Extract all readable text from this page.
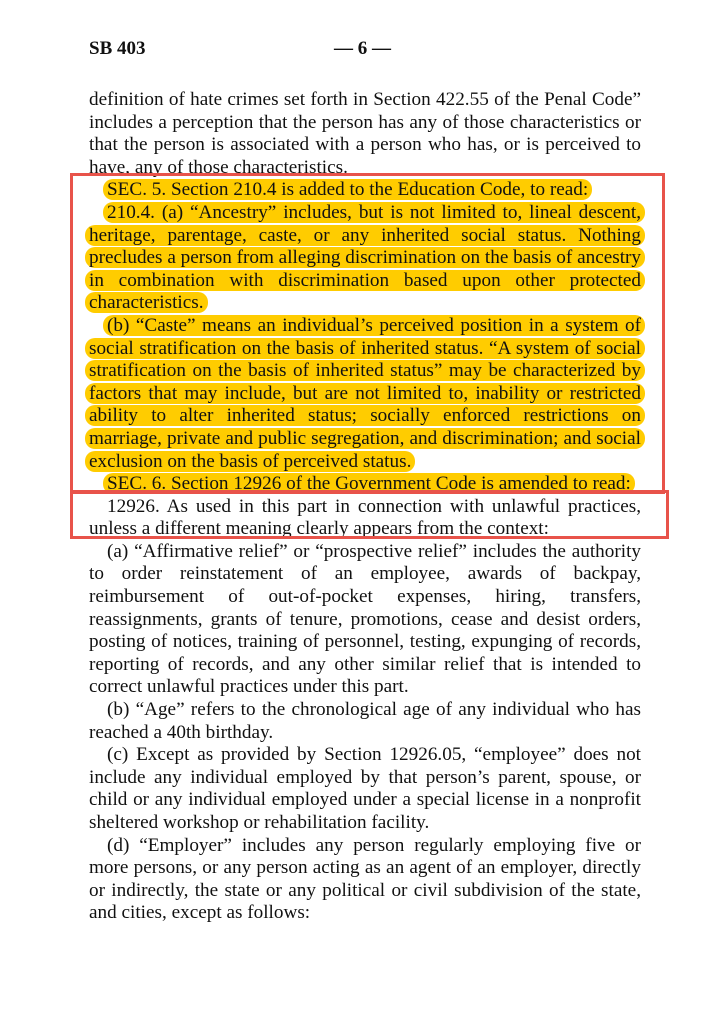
SB 403	— 6 —

definition of hate crimes set forth in Section 422.55 of the Penal Code” includes a perception that the person has any of those characteristics or that the person is associated with a person who has, or is perceived to have, any of those characteristics.

SEC. 5. Section 210.4 is added to the Education Code, to read:

210.4. (a) “Ancestry” includes, but is not limited to, lineal descent, heritage, parentage, caste, or any inherited social status. Nothing precludes a person from alleging discrimination on the basis of ancestry in combination with discrimination based upon other protected characteristics.

(b) “Caste” means an individual’s perceived position in a system of social stratification on the basis of inherited status. “A system of social stratification on the basis of inherited status” may be characterized by factors that may include, but are not limited to, inability or restricted ability to alter inherited status; socially enforced restrictions on marriage, private and public segregation, and discrimination; and social exclusion on the basis of perceived status.

SEC. 6. Section 12926 of the Government Code is amended to read:

12926. As used in this part in connection with unlawful practices, unless a different meaning clearly appears from the context:

(a) “Affirmative relief” or “prospective relief” includes the authority to order reinstatement of an employee, awards of backpay, reimbursement of out-of-pocket expenses, hiring, transfers, reassignments, grants of tenure, promotions, cease and desist orders, posting of notices, training of personnel, testing, expunging of records, reporting of records, and any other similar relief that is intended to correct unlawful practices under this part.

(b) “Age” refers to the chronological age of any individual who has reached a 40th birthday.

(c) Except as provided by Section 12926.05, “employee” does not include any individual employed by that person’s parent, spouse, or child or any individual employed under a special license in a nonprofit sheltered workshop or rehabilitation facility.

(d) “Employer” includes any person regularly employing five or more persons, or any person acting as an agent of an employer, directly or indirectly, the state or any political or civil subdivision of the state, and cities, except as follows:
